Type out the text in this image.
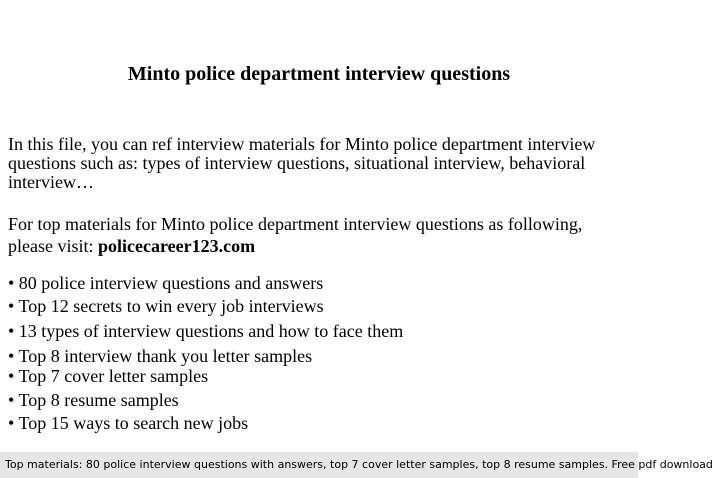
Minto police department interview questions
In this file, you can ref interview materials for Minto police department interview questions such as: types of interview questions, situational interview, behavioral interview…
For top materials for Minto police department interview questions as following,
please visit: policecareer123.com
• 80 police interview questions and answers
• Top 12 secrets to win every job interviews
• 13 types of interview questions and how to face them
• Top 8 interview thank you letter samples
• Top 7 cover letter samples
• Top 8 resume samples
• Top 15 ways to search new jobs
Top materials: 80 police interview questions with answers, top 7 cover letter samples, top 8 resume samples. Free pdf download
